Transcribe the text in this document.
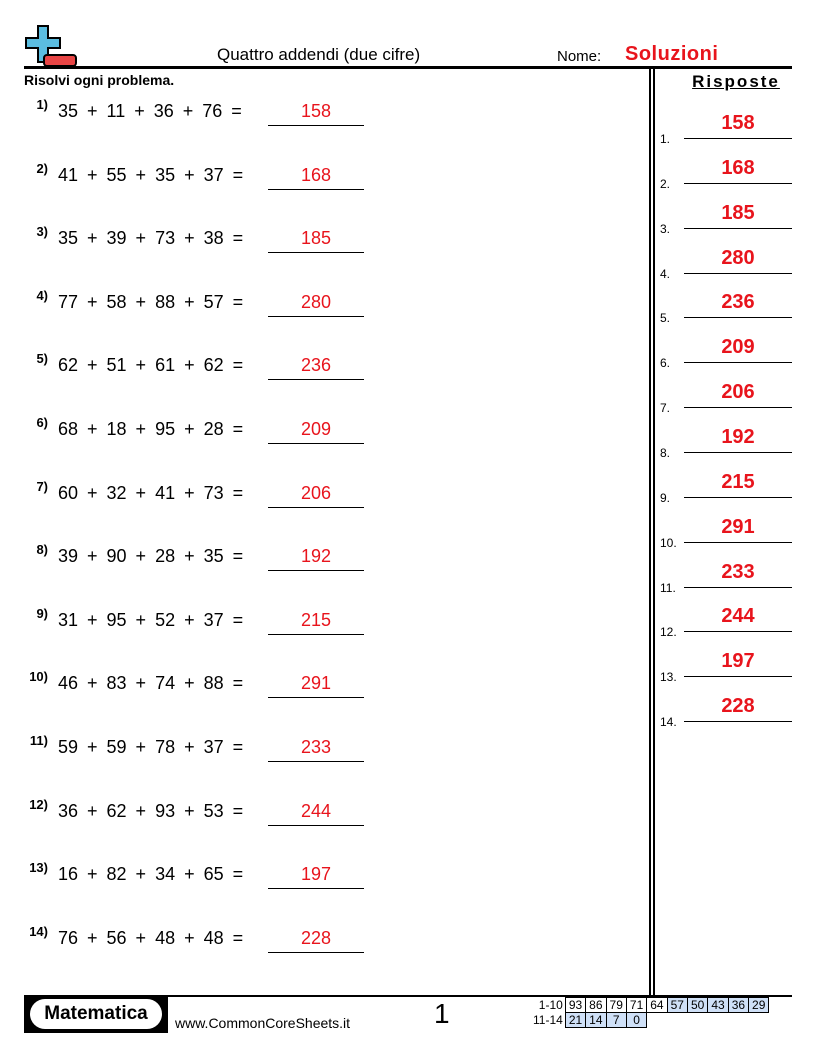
Quattro addendi (due cifre)	Nome: Soluzioni
Risolvi ogni problema.	Risposte
1) 35 + 11 + 36 + 76 =	158
2) 41 + 55 + 35 + 37 =	168
3) 35 + 39 + 73 + 38 =	185
4) 77 + 58 + 88 + 57 =	280
5) 62 + 51 + 61 + 62 =	236
6) 68 + 18 + 95 + 28 =	209
7) 60 + 32 + 41 + 73 =	206
8) 39 + 90 + 28 + 35 =	192
9) 31 + 95 + 52 + 37 =	215
10) 46 + 83 + 74 + 88 =	291
11) 59 + 59 + 78 + 37 =	233
12) 36 + 62 + 93 + 53 =	244
13) 16 + 82 + 34 + 65 =	197
14) 76 + 56 + 48 + 48 =	228
1.
158
2.
168
3.
185
4.
280
5.
236
6.
209
7.
206
8.
192
9.
215
10.
291
11.
233
12.
244
13.
197
14.
228
Matematica	www.CommonCoreSheets.it	1	1-10	93	86	79	71	64	57	50	43	36	29
11-14	21	14	7	0						
